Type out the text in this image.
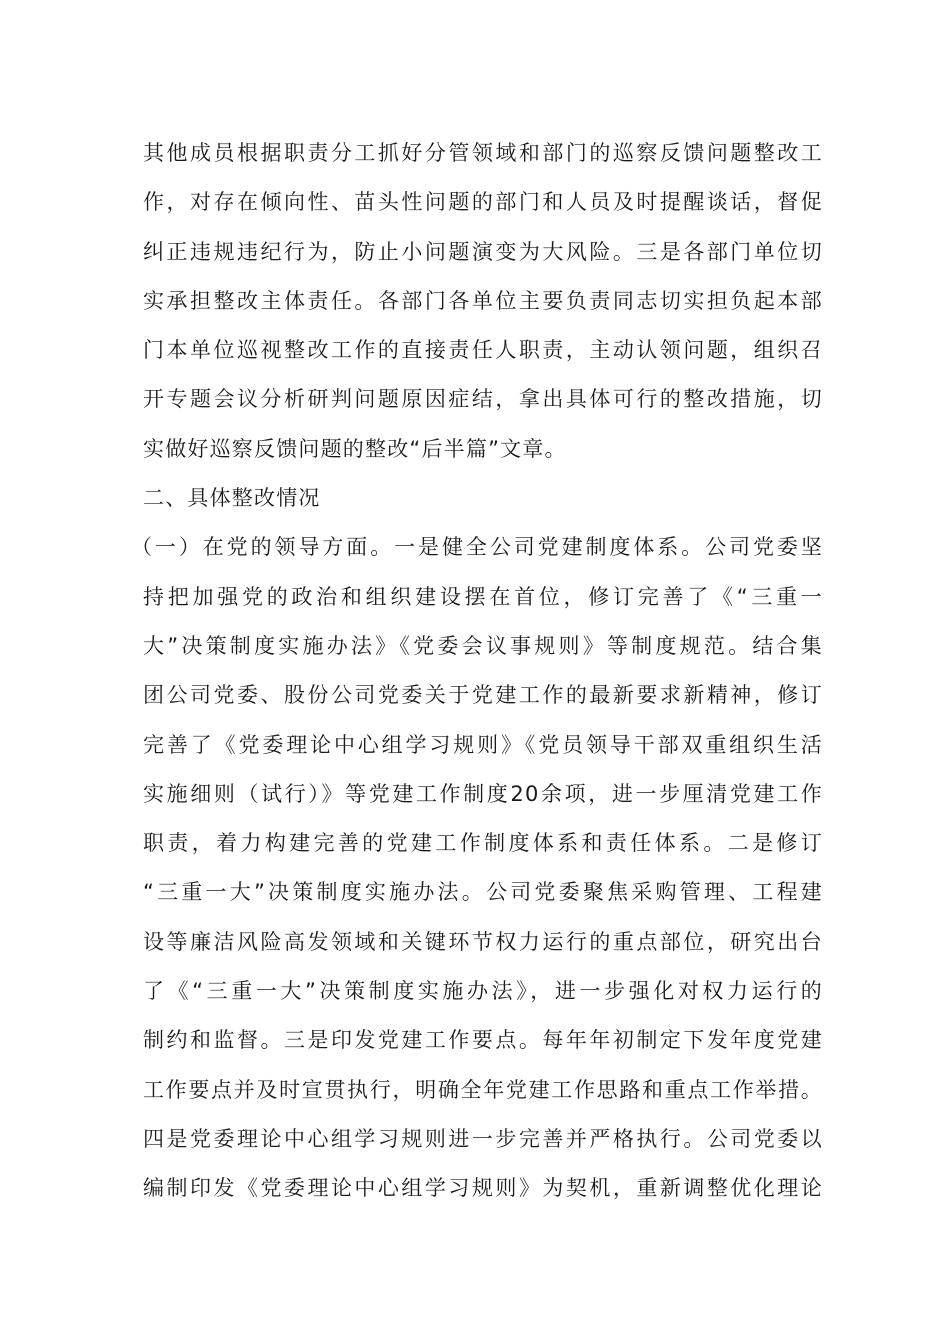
其他成员根据职责分工抓好分管领域和部门的巡察反馈问题整改工
作，对存在倾向性、苗头性问题的部门和人员及时提醒谈话，督促
纠正违规违纪行为，防止小问题演变为大风险。三是各部门单位切
实承担整改主体责任。各部门各单位主要负责同志切实担负起本部
门本单位巡视整改工作的直接责任人职责，主动认领问题，组织召
开专题会议分析研判问题原因症结，拿出具体可行的整改措施，切
实做好巡察反馈问题的整改“后半篇”文章。
二、具体整改情况
（一）在党的领导方面。一是健全公司党建制度体系。公司党委坚
持把加强党的政治和组织建设摆在首位，修订完善了《“三重一
大”决策制度实施办法》《党委会议事规则》等制度规范。结合集
团公司党委、股份公司党委关于党建工作的最新要求新精神，修订
完善了《党委理论中心组学习规则》《党员领导干部双重组织生活
实施细则（试行）》等党建工作制度20余项，进一步厘清党建工作
职责，着力构建完善的党建工作制度体系和责任体系。二是修订
“三重一大”决策制度实施办法。公司党委聚焦采购管理、工程建
设等廉洁风险高发领域和关键环节权力运行的重点部位，研究出台
了《“三重一大”决策制度实施办法》，进一步强化对权力运行的
制约和监督。三是印发党建工作要点。每年年初制定下发年度党建
工作要点并及时宣贯执行，明确全年党建工作思路和重点工作举措。
四是党委理论中心组学习规则进一步完善并严格执行。公司党委以
编制印发《党委理论中心组学习规则》为契机，重新调整优化理论
